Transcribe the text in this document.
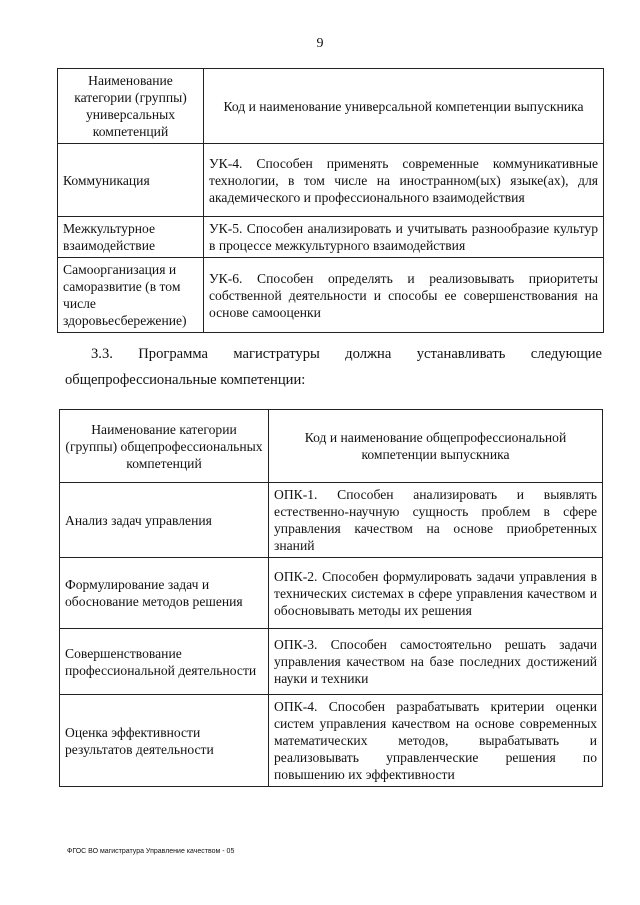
9
Наименование категории (группы) универсальных компетенций	Код и наименование универсальной компетенции выпускника
Коммуникация	УК-4. Способен применять современные коммуникативные технологии, в том числе на иностранном(ых) языке(ах), для академического и профессионального взаимодействия
Межкультурное взаимодействие	УК-5. Способен анализировать и учитывать разнообразие культур в процессе межкультурного взаимодействия
Самоорганизация и саморазвитие (в том числе здоровьесбережение)	УК-6. Способен определять и реализовывать приоритеты собственной деятельности и способы ее совершенствования на основе самооценки
3.3. Программа магистратуры должна устанавливать следующие общепрофессиональные компетенции:
Наименование категории (группы) общепрофессиональных компетенций	Код и наименование общепрофессиональной компетенции выпускника
Анализ задач управления	ОПК-1. Способен анализировать и выявлять естественно-научную сущность проблем в сфере управления качеством на основе приобретенных знаний
Формулирование задач и обоснование методов решения	ОПК-2. Способен формулировать задачи управления в технических системах в сфере управления качеством и обосновывать методы их решения
Совершенствование профессиональной деятельности	ОПК-3. Способен самостоятельно решать задачи управления качеством на базе последних достижений науки и техники
Оценка эффективности результатов деятельности	ОПК-4. Способен разрабатывать критерии оценки систем управления качеством на основе современных математических методов, вырабатывать и реализовывать управленческие решения по повышению их эффективности
ФГОС ВО магистратура Управление качеством - 05
